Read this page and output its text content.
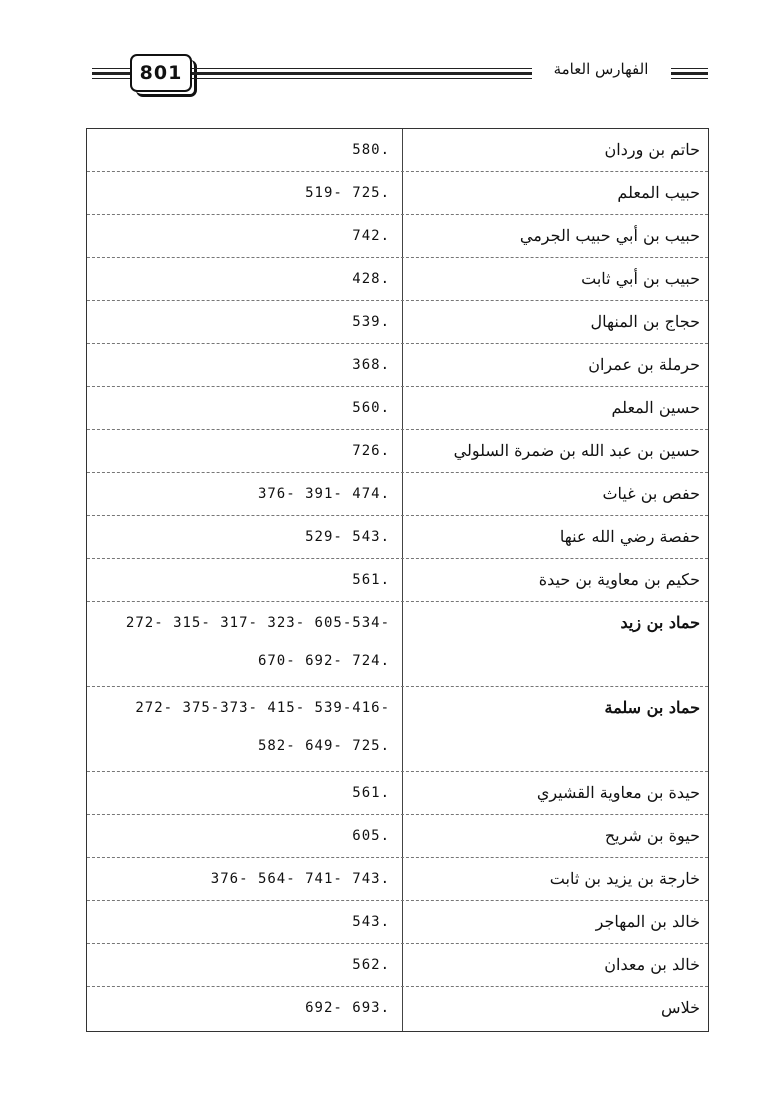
801	الفهارس العامة
حاتم بن وردان
.580
حبيب المعلم
.725 -519
حبيب بن أبي حبيب الجرمي
.742
حبيب بن أبي ثابت
.428
حجاج بن المنهال
.539
حرملة بن عمران
.368
حسين المعلم
.560
حسين بن عبد الله بن ضمرة السلولي
.726
حفص بن غياث
.474 -391 -376
حفصة رضي الله عنها
.543 -529
حكيم بن معاوية بن حيدة
.561
حماد بن زيد
-605-534 -323 -317 -315 -272
.724 -692 -670
حماد بن سلمة
-539-416 -415 -375-373 -272
.725 -649 -582
حيدة بن معاوية القشيري
.561
حيوة بن شريح
.605
خارجة بن يزيد بن ثابت
.743 -741 -564 -376
خالد بن المهاجر
.543
خالد بن معدان
.562
خلاس
.693 -692
